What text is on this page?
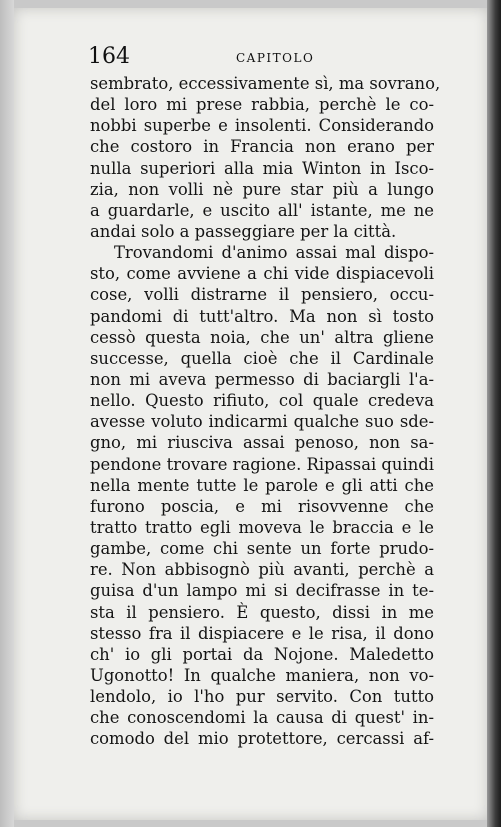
164	CAPITOLO
sembrato, eccessivamente sì, ma sovrano,
del loro mi prese rabbia, perchè le co-
nobbi superbe e insolenti. Considerando
che costoro in Francia non erano per
nulla superiori alla mia Winton in Isco-
zia, non volli nè pure star più a lungo
a guardarle, e uscito all' istante, me ne
andai solo a passeggiare per la città.
Trovandomi d'animo assai mal dispo-
sto, come avviene a chi vide dispiacevoli
cose, volli distrarne il pensiero, occu-
pandomi di tutt'altro. Ma non sì tosto
cessò questa noia, che un' altra gliene
successe, quella cioè che il Cardinale
non mi aveva permesso di baciargli l'a-
nello. Questo rifiuto, col quale credeva
avesse voluto indicarmi qualche suo sde-
gno, mi riusciva assai penoso, non sa-
pendone trovare ragione. Ripassai quindi
nella mente tutte le parole e gli atti che
furono poscia, e mi risovvenne che
tratto tratto egli moveva le braccia e le
gambe, come chi sente un forte prudo-
re. Non abbisognò più avanti, perchè a
guisa d'un lampo mi si decifrasse in te-
sta il pensiero. È questo, dissi in me
stesso fra il dispiacere e le risa, il dono
ch' io gli portai da Nojone. Maledetto
Ugonotto! In qualche maniera, non vo-
lendolo, io l'ho pur servito. Con tutto
che conoscendomi la causa di quest' in-
comodo del mio protettore, cercassi af-
